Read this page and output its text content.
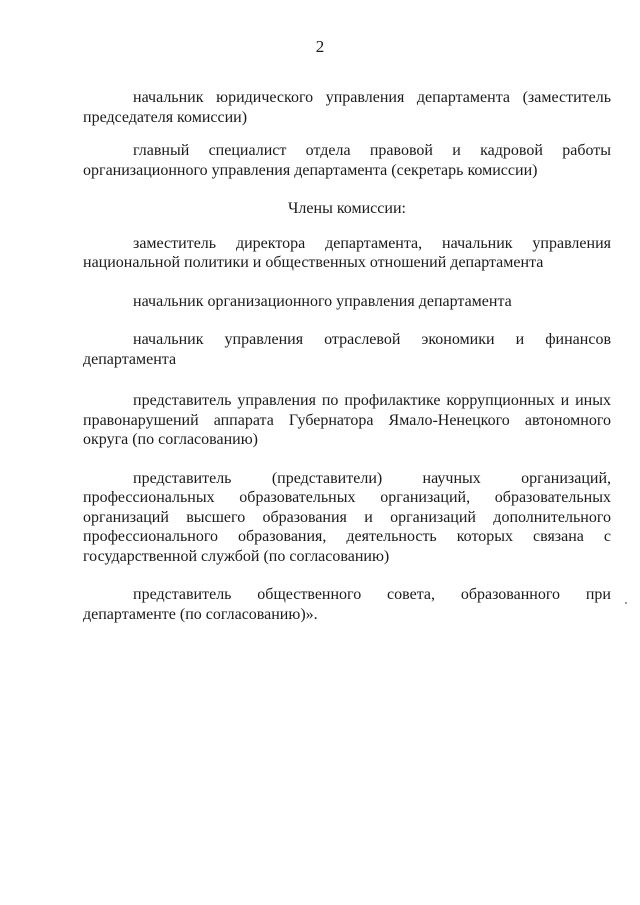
2

начальник юридического управления департамента (заместитель председателя комиссии)

главный специалист отдела правовой и кадровой работы организационного управления департамента (секретарь комиссии)

Члены комиссии:

заместитель директора департамента, начальник управления национальной политики и общественных отношений департамента

начальник организационного управления департамента

начальник управления отраслевой экономики и финансов департамента

представитель управления по профилактике коррупционных и иных правонарушений аппарата Губернатора Ямало-Ненецкого автономного округа (по согласованию)

представитель (представители) научных организаций, профессиональных образовательных организаций, образовательных организаций высшего образования и организаций дополнительного профессионального образования, деятельность которых связана с государственной службой (по согласованию)

представитель общественного совета, образованного при департаменте (по согласованию)».
